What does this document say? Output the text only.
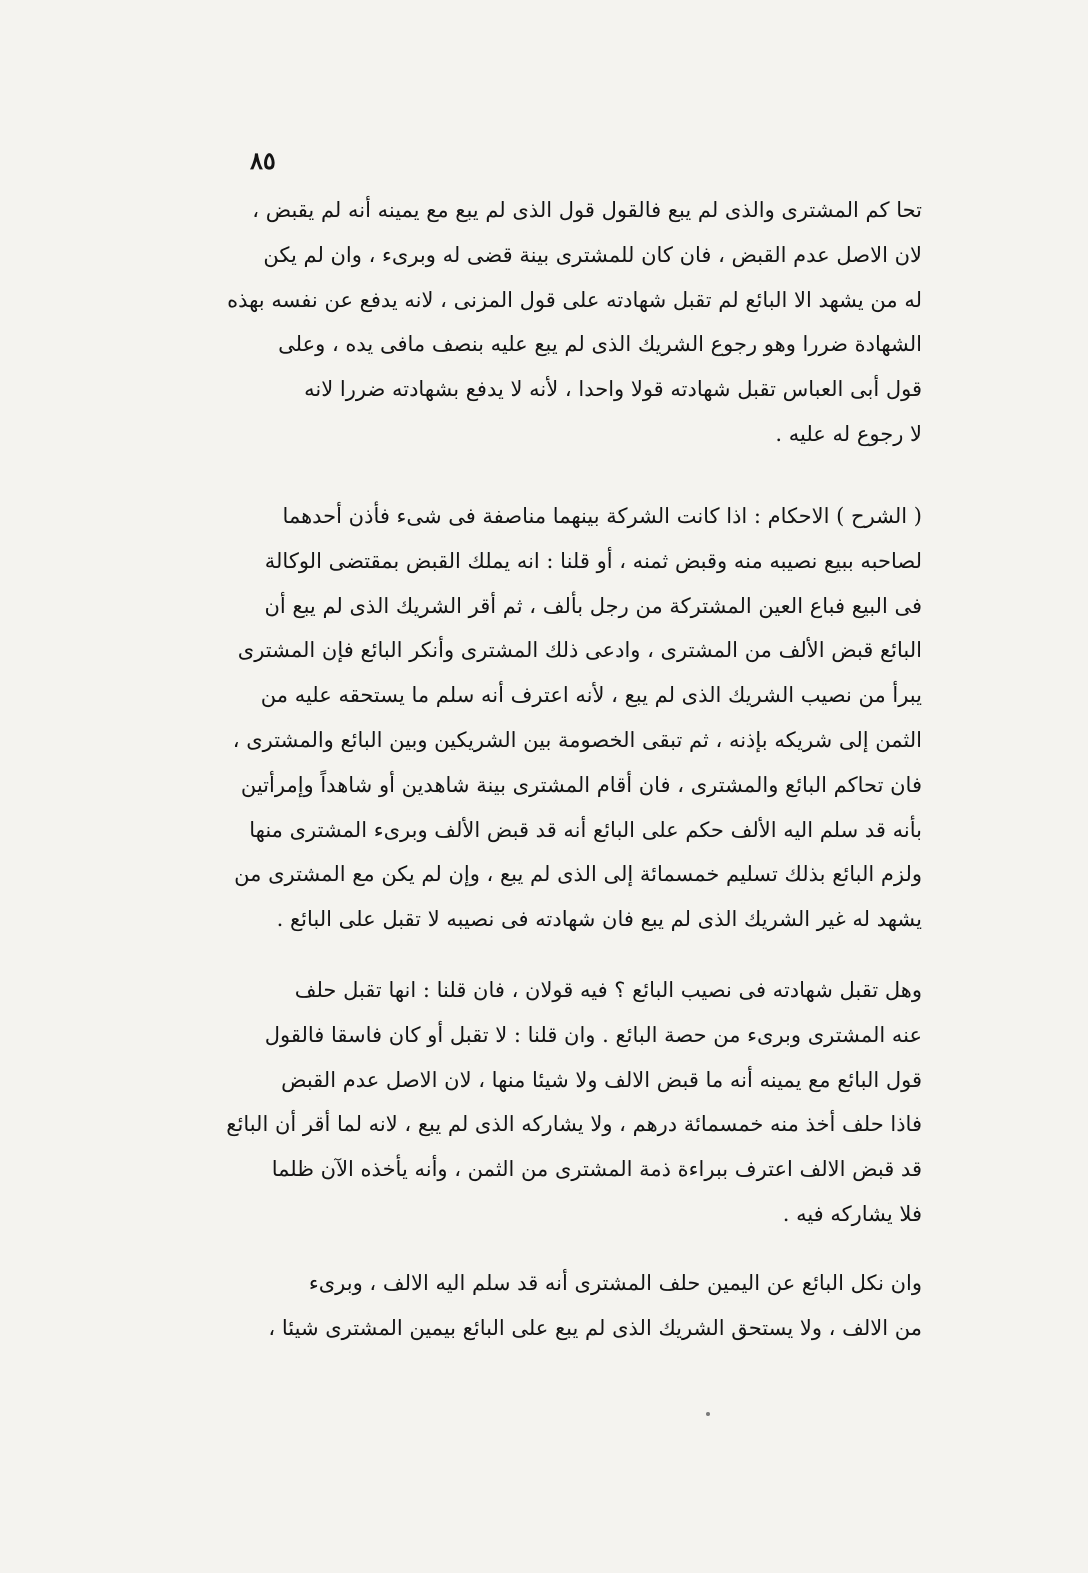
٨٥
تحا كم المشترى والذى لم يبع فالقول قول الذى لم يبع مع يمينه أنه لم يقبض ،
لان الاصل عدم القبض ، فان كان للمشترى بينة قضى له وبرىء ، وان لم يكن
له من يشهد الا البائع لم تقبل شهادته على قول المزنى ، لانه يدفع عن نفسه بهذه
الشهادة ضررا وهو رجوع الشريك الذى لم يبع عليه بنصف مافى يده ، وعلى
قول أبى العباس تقبل شهادته قولا واحدا ، لأنه لا يدفع بشهادته ضررا لانه
لا رجوع له عليه .
( الشرح ) الاحكام : اذا كانت الشركة بينهما مناصفة فى شىء فأذن أحدهما
لصاحبه ببيع نصيبه منه وقبض ثمنه ، أو قلنا : انه يملك القبض بمقتضى الوكالة
فى البيع فباع العين المشتركة من رجل بألف ، ثم أقر الشريك الذى لم يبع أن
البائع قبض الألف من المشترى ، وادعى ذلك المشترى وأنكر البائع فإن المشترى
يبرأ من نصيب الشريك الذى لم يبع ، لأنه اعترف أنه سلم ما يستحقه عليه من
الثمن إلى شريكه بإذنه ، ثم تبقى الخصومة بين الشريكين وبين البائع والمشترى ،
فان تحاكم البائع والمشترى ، فان أقام المشترى بينة شاهدين أو شاهداً وإمرأتين
بأنه قد سلم اليه الألف حكم على البائع أنه قد قبض الألف وبرىء المشترى منها
ولزم البائع بذلك تسليم خمسمائة إلى الذى لم يبع ، وإن لم يكن مع المشترى من
يشهد له غير الشريك الذى لم يبع فان شهادته فى نصيبه لا تقبل على البائع .
وهل تقبل شهادته فى نصيب البائع ؟ فيه قولان ، فان قلنا : انها تقبل حلف
عنه المشترى وبرىء من حصة البائع . وان قلنا : لا تقبل أو كان فاسقا فالقول
قول البائع مع يمينه أنه ما قبض الالف ولا شيئا منها ، لان الاصل عدم القبض
فاذا حلف أخذ منه خمسمائة درهم ، ولا يشاركه الذى لم يبع ، لانه لما أقر أن البائع
قد قبض الالف اعترف ببراءة ذمة المشترى من الثمن ، وأنه يأخذه الآن ظلما
فلا يشاركه فيه .
وان نكل البائع عن اليمين حلف المشترى أنه قد سلم اليه الالف ، وبرىء
من الالف ، ولا يستحق الشريك الذى لم يبع على البائع بيمين المشترى شيئا ،
